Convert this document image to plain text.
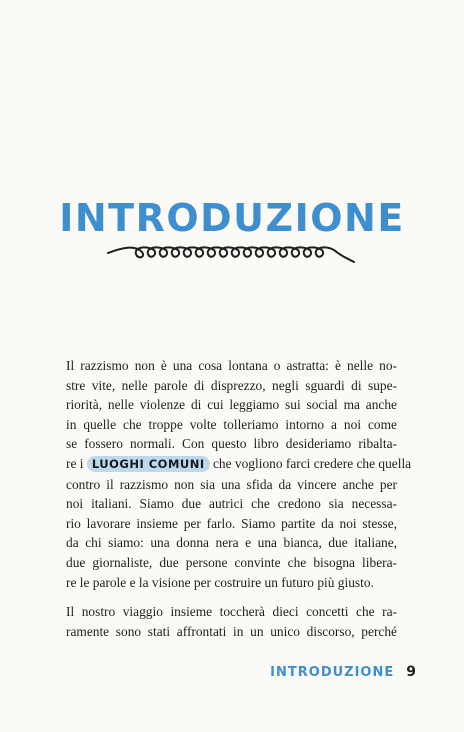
INTRODUZIONE
Il razzismo non è una cosa lontana o astratta: è nelle no-
stre vite, nelle parole di disprezzo, negli sguardi di supe-
riorità, nelle violenze di cui leggiamo sui social ma anche
in quelle che troppe volte tolleriamo intorno a noi come
se fossero normali. Con questo libro desideriamo ribalta-
re i LUOGHI COMUNI che vogliono farci credere che quella
contro il razzismo non sia una sfida da vincere anche per
noi italiani. Siamo due autrici che credono sia necessa-
rio lavorare insieme per farlo. Siamo partite da noi stesse,
da chi siamo: una donna nera e una bianca, due italiane,
due giornaliste, due persone convinte che bisogna libera-
re le parole e la visione per costruire un futuro più giusto.
Il nostro viaggio insieme toccherà dieci concetti che ra-
ramente sono stati affrontati in un unico discorso, perché
INTRODUZIONE 9
